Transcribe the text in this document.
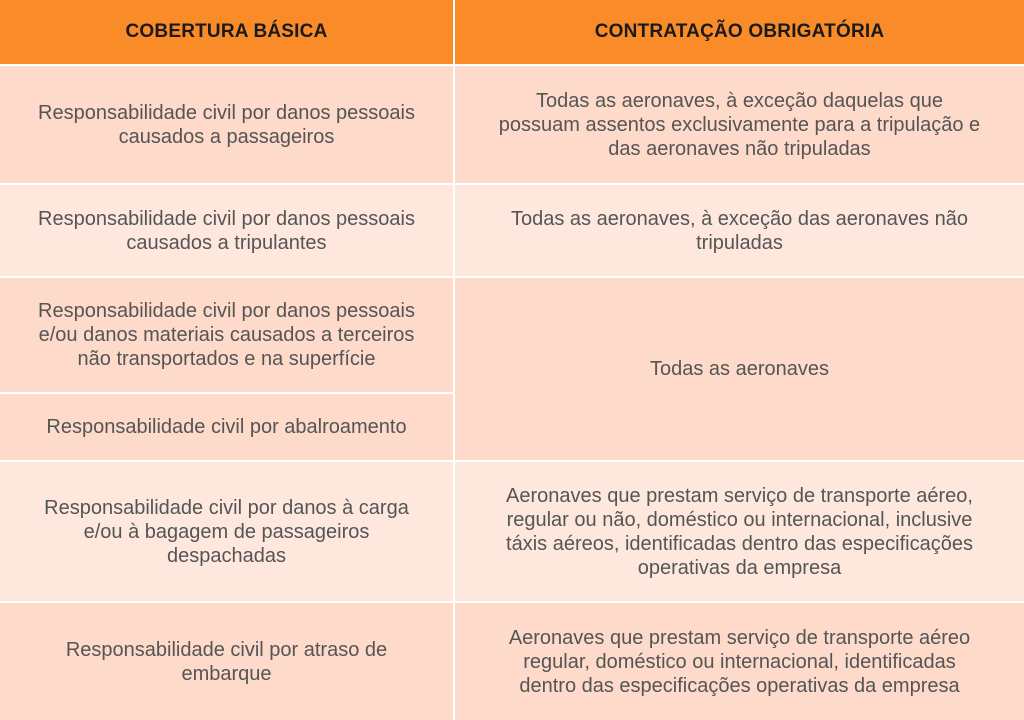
COBERTURA BÁSICA	CONTRATAÇÃO OBRIGATÓRIA
Responsabilidade civil por danos pessoais
causados a passageiros
Todas as aeronaves, à exceção daquelas que
possuam assentos exclusivamente para a tripulação e
das aeronaves não tripuladas
Responsabilidade civil por danos pessoais
causados a tripulantes
Todas as aeronaves, à exceção das aeronaves não
tripuladas
Responsabilidade civil por danos pessoais
e/ou danos materiais causados a terceiros
não transportados e na superfície	Todas as aeronaves
Responsabilidade civil por abalroamento
Responsabilidade civil por danos à carga
e/ou à bagagem de passageiros
despachadas
Aeronaves que prestam serviço de transporte aéreo,
regular ou não, doméstico ou internacional, inclusive
táxis aéreos, identificadas dentro das especificações
operativas da empresa
Responsabilidade civil por atraso de
embarque
Aeronaves que prestam serviço de transporte aéreo
regular, doméstico ou internacional, identificadas
dentro das especificações operativas da empresa
